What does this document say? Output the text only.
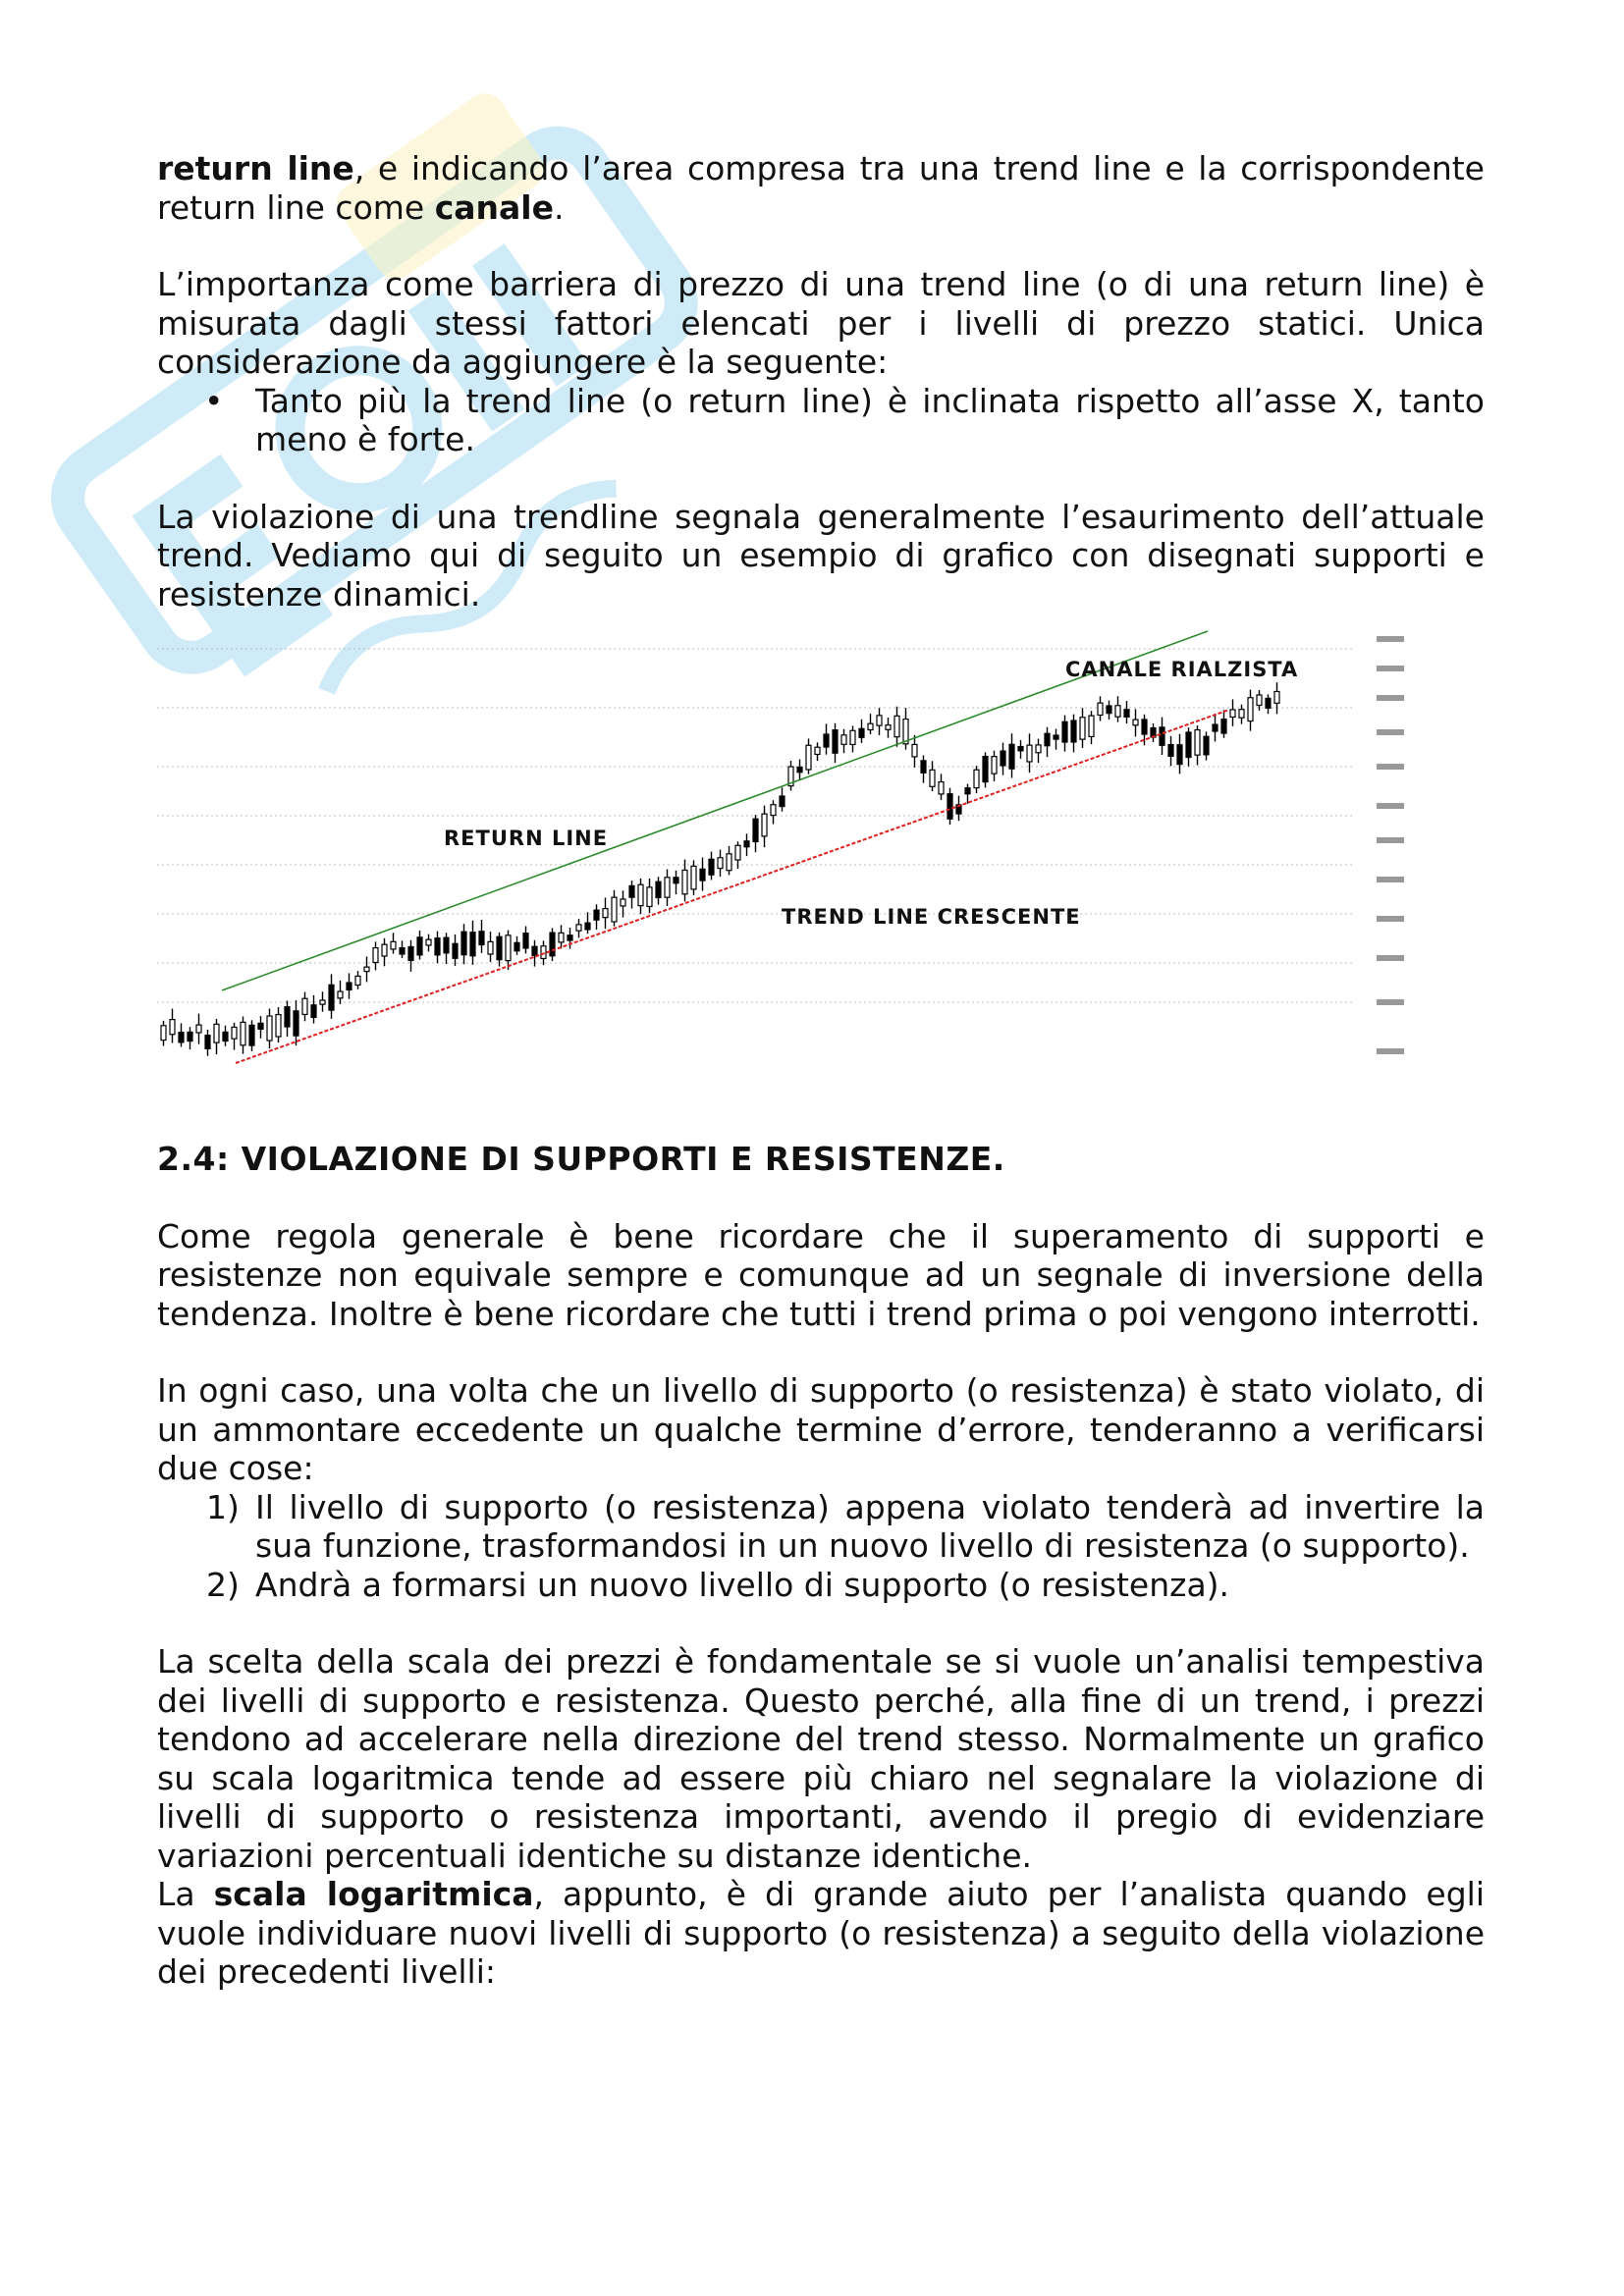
return line, e indicando l’area compresa tra una trend line e la corrispondente return line come canale.

L’importanza come barriera di prezzo di una trend line (o di una return line) è misurata dagli stessi fattori elencati per i livelli di prezzo statici. Unica considerazione da aggiungere è la seguente:

• Tanto più la trend line (o return line) è inclinata rispetto all’asse X, tanto meno è forte.

La violazione di una trendline segnala generalmente l’esaurimento dell’attuale trend. Vediamo qui di seguito un esempio di grafico con disegnati supporti e resistenze dinamici.

CANALE RIALZISTA
RETURN LINE
TREND LINE CRESCENTE

2.4: VIOLAZIONE DI SUPPORTI E RESISTENZE.

Come regola generale è bene ricordare che il superamento di supporti e resistenze non equivale sempre e comunque ad un segnale di inversione della tendenza. Inoltre è bene ricordare che tutti i trend prima o poi vengono interrotti.

In ogni caso, una volta che un livello di supporto (o resistenza) è stato violato, di un ammontare eccedente un qualche termine d’errore, tenderanno a verificarsi due cose:

1) Il livello di supporto (o resistenza) appena violato tenderà ad invertire la sua funzione, trasformandosi in un nuovo livello di resistenza (o supporto).
2) Andrà a formarsi un nuovo livello di supporto (o resistenza).

La scelta della scala dei prezzi è fondamentale se si vuole un’analisi tempestiva dei livelli di supporto e resistenza. Questo perché, alla fine di un trend, i prezzi tendono ad accelerare nella direzione del trend stesso. Normalmente un grafico su scala logaritmica tende ad essere più chiaro nel segnalare la violazione di livelli di supporto o resistenza importanti, avendo il pregio di evidenziare variazioni percentuali identiche su distanze identiche.

La scala logaritmica, appunto, è di grande aiuto per l’analista quando egli vuole individuare nuovi livelli di supporto (o resistenza) a seguito della violazione dei precedenti livelli:
